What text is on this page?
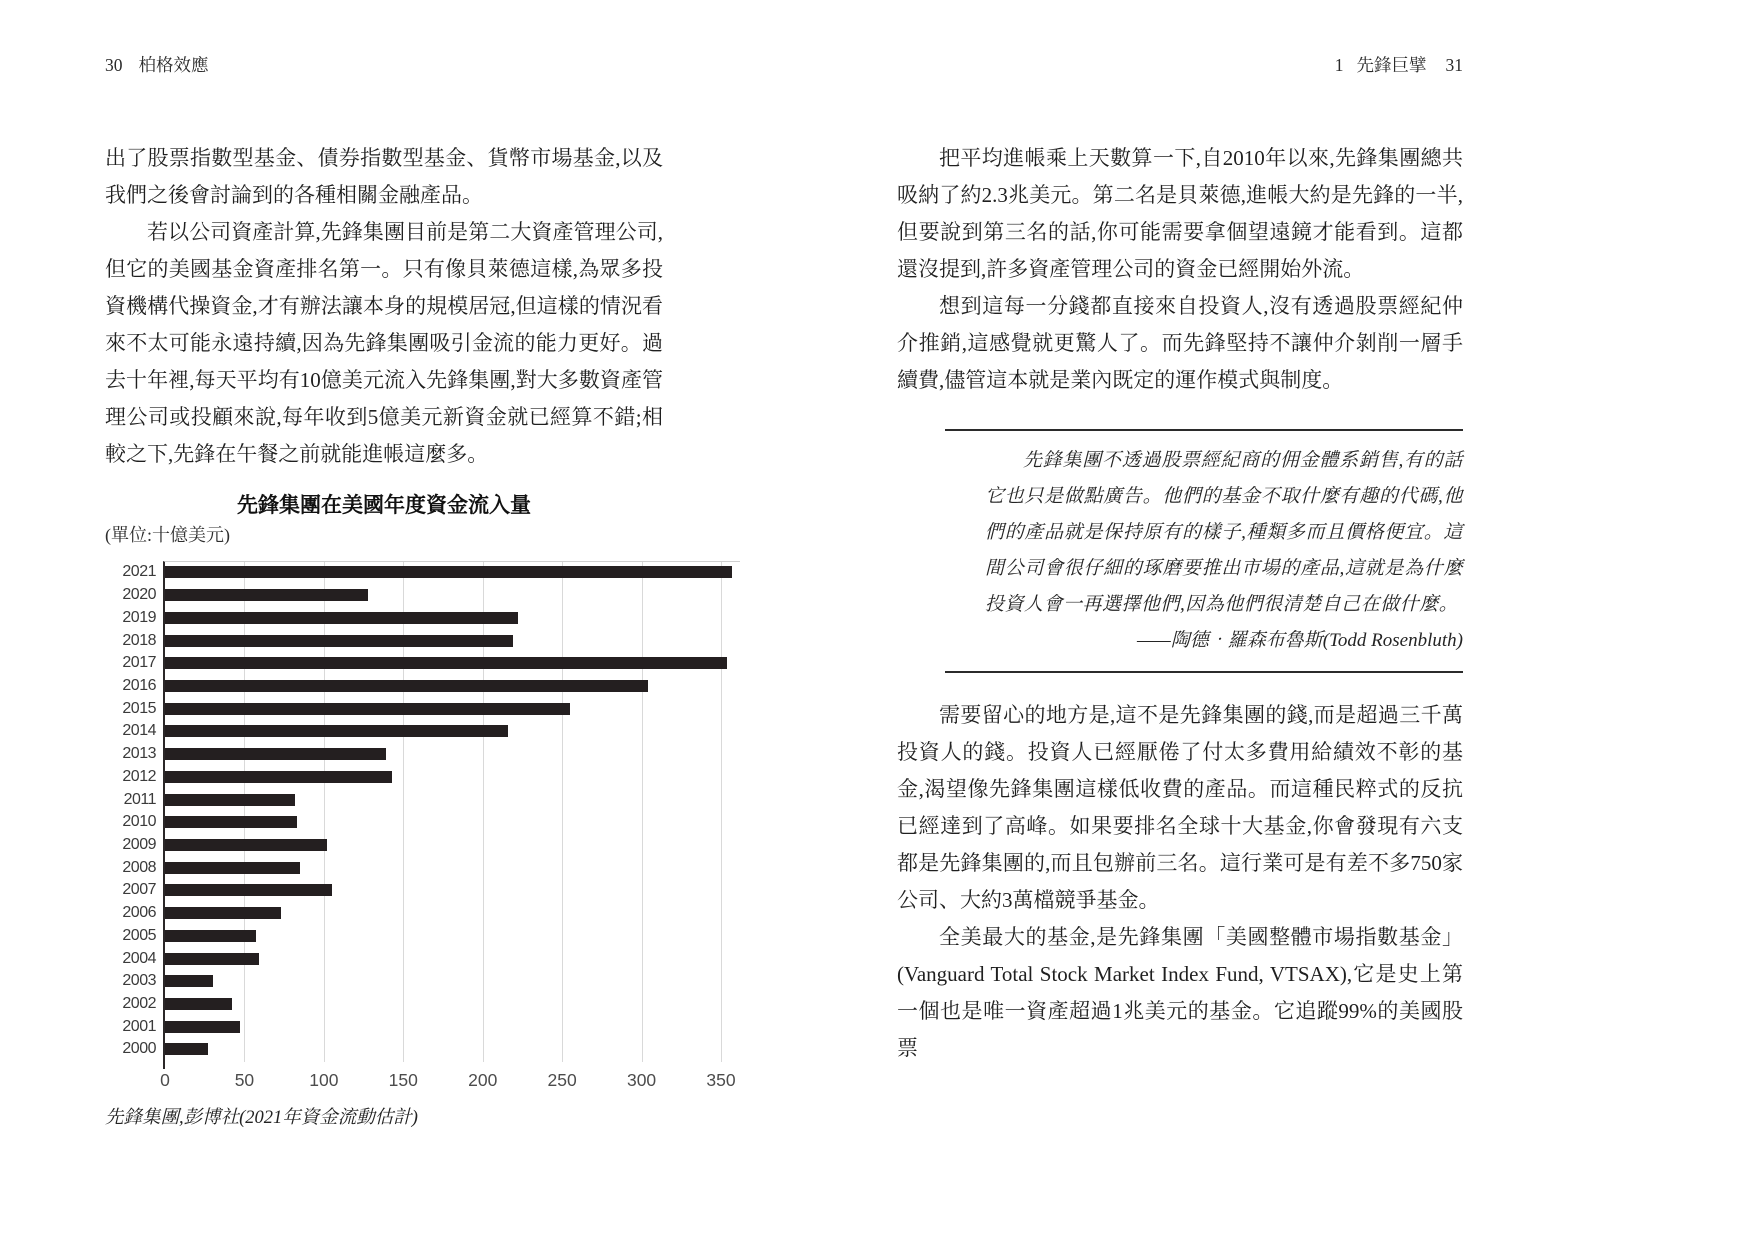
30 柏格效應	1 先鋒巨擘 31

出了股票指數型基金、債券指數型基金、貨幣市場基金,以及我們之後會討論到的各種相關金融產品。

若以公司資產計算,先鋒集團目前是第二大資產管理公司,但它的美國基金資產排名第一。只有像貝萊德這樣,為眾多投資機構代操資金,才有辦法讓本身的規模居冠,但這樣的情況看來不太可能永遠持續,因為先鋒集團吸引金流的能力更好。過去十年裡,每天平均有10億美元流入先鋒集團,對大多數資產管理公司或投顧來說,每年收到5億美元新資金就已經算不錯;相較之下,先鋒在午餐之前就能進帳這麼多。

先鋒集團在美國年度資金流入量
(單位:十億美元)
2021
2020
2019
2018
2017
2016
2015
2014
2013
2012
2011
2010
2009
2008
2007
2006
2005
2004
2003
2002
2001
2000
0	50	100	150	200	250	300	350
先鋒集團,彭博社(2021年資金流動估計)

把平均進帳乘上天數算一下,自2010年以來,先鋒集團總共吸納了約2.3兆美元。第二名是貝萊德,進帳大約是先鋒的一半,但要說到第三名的話,你可能需要拿個望遠鏡才能看到。這都還沒提到,許多資產管理公司的資金已經開始外流。

想到這每一分錢都直接來自投資人,沒有透過股票經紀仲介推銷,這感覺就更驚人了。而先鋒堅持不讓仲介剝削一層手續費,儘管這本就是業內既定的運作模式與制度。

先鋒集團不透過股票經紀商的佣金體系銷售,有的話它也只是做點廣告。他們的基金不取什麼有趣的代碼,他們的產品就是保持原有的樣子,種類多而且價格便宜。這間公司會很仔細的琢磨要推出市場的產品,這就是為什麼投資人會一再選擇他們,因為他們很清楚自己在做什麼。

——陶德‧羅森布魯斯(Todd Rosenbluth)

需要留心的地方是,這不是先鋒集團的錢,而是超過三千萬投資人的錢。投資人已經厭倦了付太多費用給績效不彰的基金,渴望像先鋒集團這樣低收費的產品。而這種民粹式的反抗已經達到了高峰。如果要排名全球十大基金,你會發現有六支都是先鋒集團的,而且包辦前三名。這行業可是有差不多750家公司、大約3萬檔競爭基金。

全美最大的基金,是先鋒集團「美國整體市場指數基金」(Vanguard Total Stock Market Index Fund, VTSAX),它是史上第一個也是唯一資產超過1兆美元的基金。它追蹤99%的美國股票
